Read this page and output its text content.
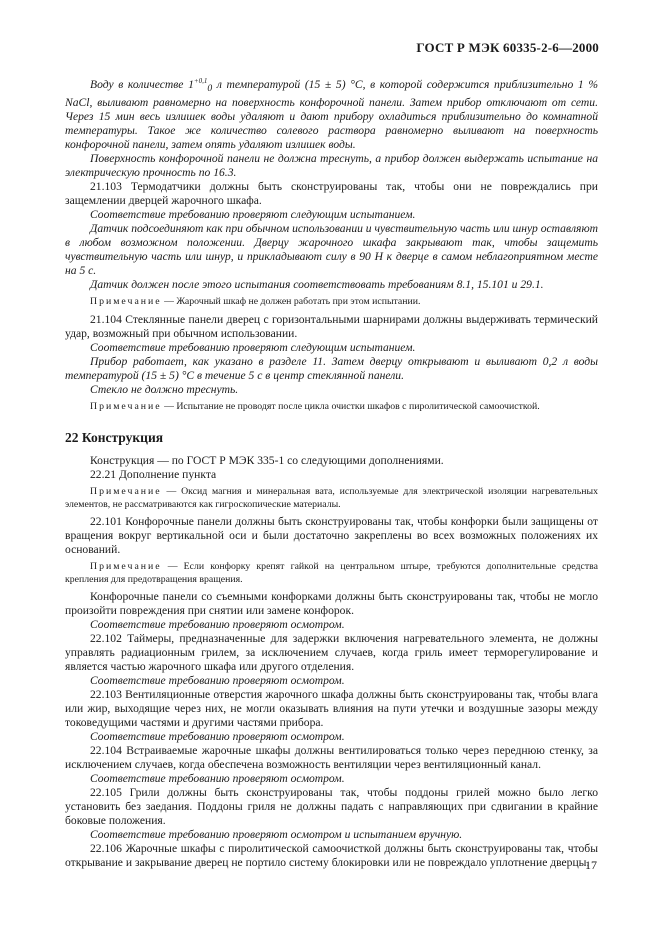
ГОСТ Р МЭК 60335-2-6—2000

Воду в количестве $1^{+0,1}_0$ л температурой (15 ± 5) °С, в которой содержится приблизительно 1 % NaCl, выливают равномерно на поверхность конфорочной панели. Затем прибор отключают от сети. Через 15 мин весь излишек воды удаляют и дают прибору охладиться приблизительно до комнатной температуры. Такое же количество солевого раствора равномерно выливают на поверхность конфорочной панели, затем опять удаляют излишек воды.

Поверхность конфорочной панели не должна треснуть, а прибор должен выдержать испытание на электрическую прочность по 16.3.

21.103 Термодатчики должны быть сконструированы так, чтобы они не повреждались при защемлении дверцей жарочного шкафа.

Соответствие требованию проверяют следующим испытанием.

Датчик подсоединяют как при обычном использовании и чувствительную часть или шнур оставляют в любом возможном положении. Дверцу жарочного шкафа закрывают так, чтобы защемить чувствительную часть или шнур, и прикладывают силу в 90 Н к дверце в самом неблагоприятном месте на 5 с.

Датчик должен после этого испытания соответствовать требованиям 8.1, 15.101 и 29.1.

Примечание — Жарочный шкаф не должен работать при этом испытании.

21.104 Стеклянные панели дверец с горизонтальными шарнирами должны выдерживать термический удар, возможный при обычном использовании.

Соответствие требованию проверяют следующим испытанием.

Прибор работает, как указано в разделе 11. Затем дверцу открывают и выливают 0,2 л воды температурой (15 ± 5) °С в течение 5 с в центр стеклянной панели.

Стекло не должно треснуть.

Примечание — Испытание не проводят после цикла очистки шкафов с пиролитической самоочисткой.

22 Конструкция

Конструкция — по ГОСТ Р МЭК 335-1 со следующими дополнениями.

22.21 Дополнение пункта

Примечание — Оксид магния и минеральная вата, используемые для электрической изоляции нагревательных элементов, не рассматриваются как гигроскопические материалы.

22.101 Конфорочные панели должны быть сконструированы так, чтобы конфорки были защищены от вращения вокруг вертикальной оси и были достаточно закреплены во всех возможных положениях их оснований.

Примечание — Если конфорку крепят гайкой на центральном штыре, требуются дополнительные средства крепления для предотвращения вращения.

Конфорочные панели со съемными конфорками должны быть сконструированы так, чтобы не могло произойти повреждения при снятии или замене конфорок.

Соответствие требованию проверяют осмотром.

22.102 Таймеры, предназначенные для задержки включения нагревательного элемента, не должны управлять радиационным грилем, за исключением случаев, когда гриль имеет терморегулирование и является частью жарочного шкафа или другого отделения.

Соответствие требованию проверяют осмотром.

22.103 Вентиляционные отверстия жарочного шкафа должны быть сконструированы так, чтобы влага или жир, выходящие через них, не могли оказывать влияния на пути утечки и воздушные зазоры между токоведущими частями и другими частями прибора.

Соответствие требованию проверяют осмотром.

22.104 Встраиваемые жарочные шкафы должны вентилироваться только через переднюю стенку, за исключением случаев, когда обеспечена возможность вентиляции через вентиляционный канал.

Соответствие требованию проверяют осмотром.

22.105 Грили должны быть сконструированы так, чтобы поддоны грилей можно было легко установить без заедания. Поддоны гриля не должны падать с направляющих при сдвигании в крайние боковые положения.

Соответствие требованию проверяют осмотром и испытанием вручную.

22.106 Жарочные шкафы с пиролитической самоочисткой должны быть сконструированы так, чтобы открывание и закрывание дверец не портило систему блокировки или не повреждало уплотнение дверцы.

17
